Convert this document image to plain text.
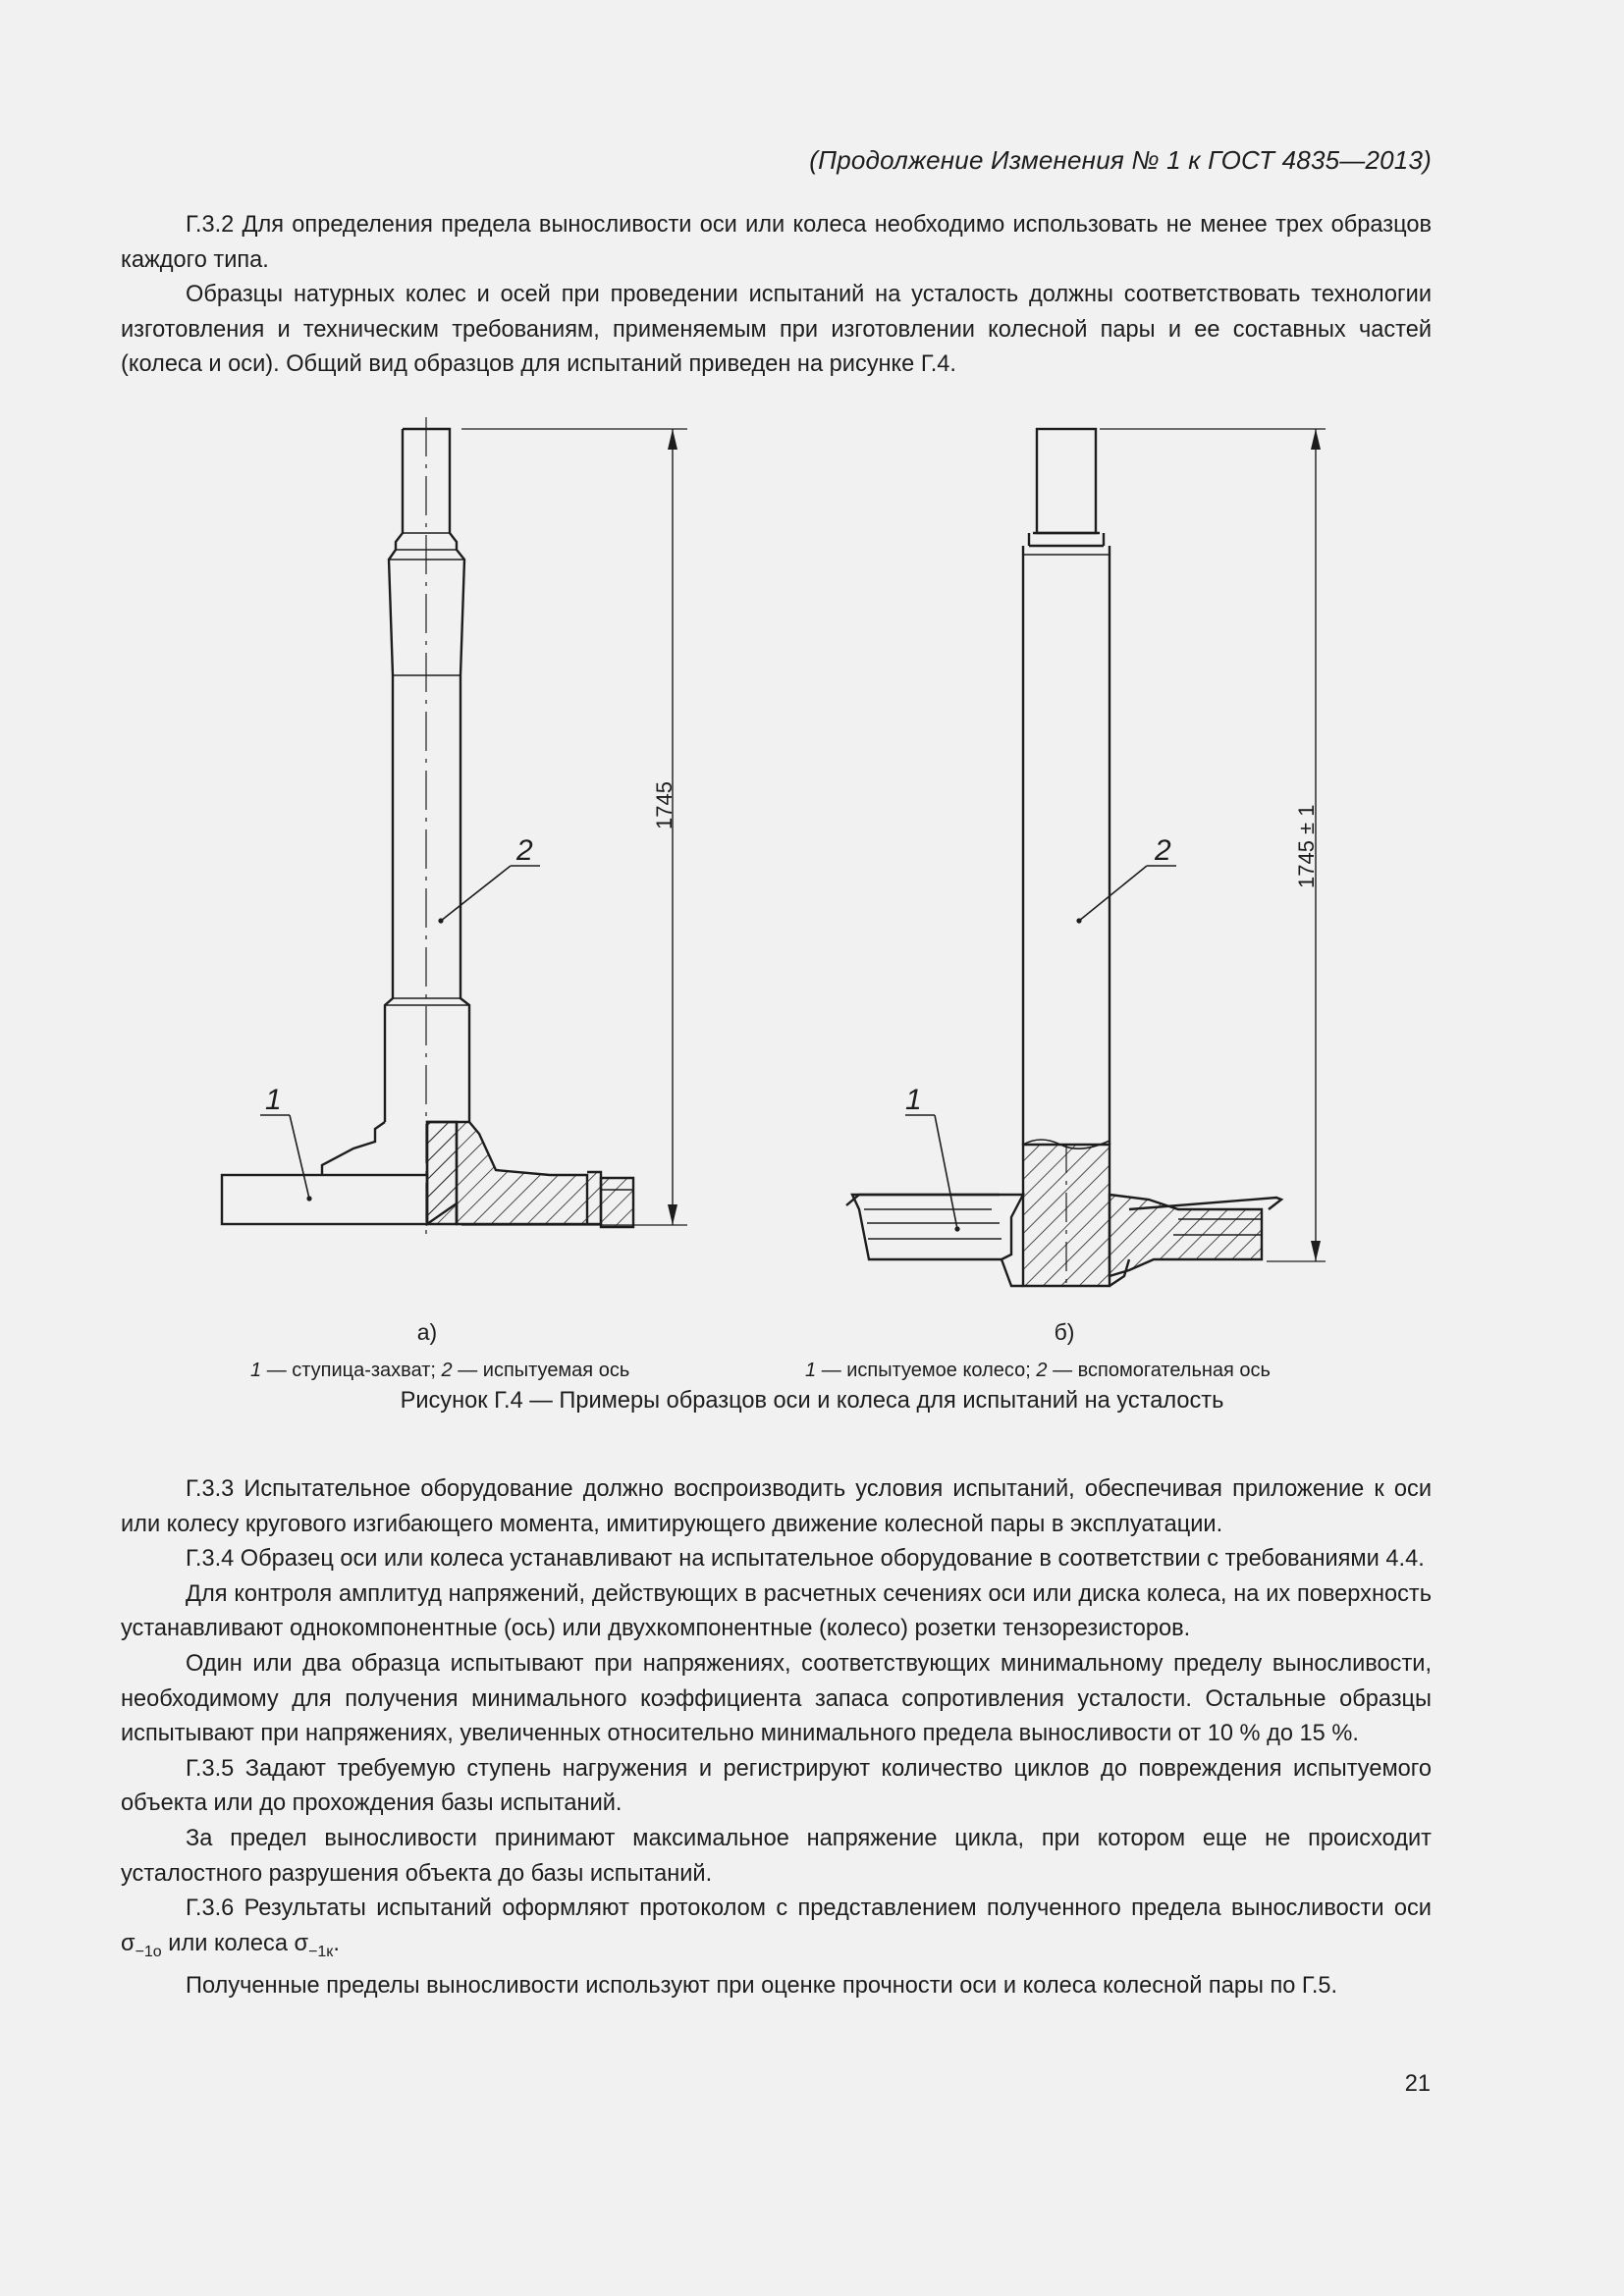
(Продолжение Изменения № 1 к ГОСТ 4835—2013)

Г.3.2 Для определения предела выносливости оси или колеса необходимо использовать не менее трех образцов каждого типа.

Образцы натурных колес и осей при проведении испытаний на усталость должны соответствовать технологии изготовления и техническим требованиям, применяемым при изготовлении колесной пары и ее составных частей (колеса и оси). Общий вид образцов для испытаний приведен на рисунке Г.4.

1745
2
1
1745 ± 1
2
1
а)	б)
1 — ступица-захват; 2 — испытуемая ось	1 — испытуемое колесо; 2 — вспомогательная ось
Рисунок Г.4 — Примеры образцов оси и колеса для испытаний на усталость

Г.3.3 Испытательное оборудование должно воспроизводить условия испытаний, обеспечивая приложение к оси или колесу кругового изгибающего момента, имитирующего движение колесной пары в эксплуатации.

Г.3.4 Образец оси или колеса устанавливают на испытательное оборудование в соответствии с требованиями 4.4.

Для контроля амплитуд напряжений, действующих в расчетных сечениях оси или диска колеса, на их поверхность устанавливают однокомпонентные (ось) или двухкомпонентные (колесо) розетки тензорезисторов.

Один или два образца испытывают при напряжениях, соответствующих минимальному пределу выносливости, необходимому для получения минимального коэффициента запаса сопротивления усталости. Остальные образцы испытывают при напряжениях, увеличенных относительно минимального предела выносливости от 10 % до 15 %.

Г.3.5 Задают требуемую ступень нагружения и регистрируют количество циклов до повреждения испытуемого объекта или до прохождения базы испытаний.

За предел выносливости принимают максимальное напряжение цикла, при котором еще не происходит усталостного разрушения объекта до базы испытаний.

Г.3.6 Результаты испытаний оформляют протоколом с представлением полученного предела выносливости оси $\sigma_{-1о}$ или колеса $\sigma_{-1к}$.

Полученные пределы выносливости используют при оценке прочности оси и колеса колесной пары по Г.5.

21
